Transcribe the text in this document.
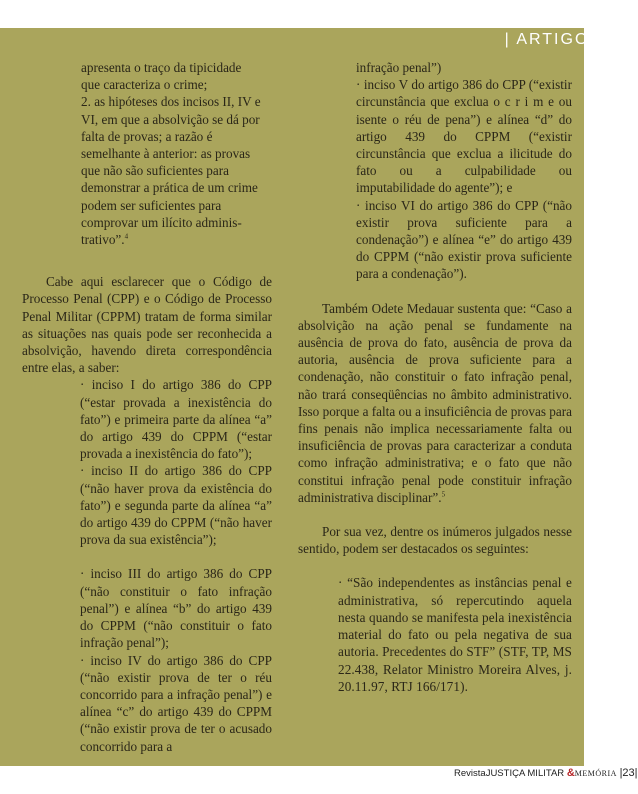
| ARTIGO |

apresenta o traço da tipicidade

que caracteriza o crime;

2. as hipóteses dos incisos II, IV e

VI, em que a absolvição se dá por

falta de provas; a razão é

semelhante à anterior: as provas

que não são suficientes para

demonstrar a prática de um crime

podem ser suficientes para

comprovar um ilícito adminis-

trativo”.$^4$

Cabe aqui esclarecer que o Código de Processo Penal (CPP) e o Código de Processo Penal Militar (CPPM) tratam de forma similar as situações nas quais pode ser reconhecida a absolvição, havendo direta correspondência entre elas, a saber:

· inciso I do artigo 386 do CPP (“estar provada a inexistência do fato”) e primeira parte da alínea “a” do artigo 439 do CPPM (“estar provada a inexistência do fato”);

· inciso II do artigo 386 do CPP (“não haver prova da existência do fato”) e segunda parte da alínea “a” do artigo 439 do CPPM (“não haver prova da sua existência”);

· inciso III do artigo 386 do CPP (“não constituir o fato infração penal”) e alínea “b” do artigo 439 do CPPM (“não constituir o fato infração penal”);

· inciso IV do artigo 386 do CPP (“não existir prova de ter o réu concorrido para a infração penal”) e alínea “c” do artigo 439 do CPPM (“não existir prova de ter o acusado concorrido para a

infração penal”)

· inciso V do artigo 386 do CPP (“existir circunstância que exclua o c r i m e ou isente o réu de pena”) e alínea “d” do artigo 439 do CPPM (“existir circunstância que exclua a ilicitude do fato ou a culpabilidade ou imputabilidade do agente”); e

· inciso VI do artigo 386 do CPP (“não existir prova suficiente para a condenação”) e alínea “e” do artigo 439 do CPPM (“não existir prova suficiente para a condenação”).

Também Odete Medauar sustenta que: “Caso a absolvição na ação penal se fundamente na ausência de prova do fato, ausência de prova da autoria, ausência de prova suficiente para a condenação, não constituir o fato infração penal, não trará conseqüências no âmbito administrativo. Isso porque a falta ou a insuficiência de provas para fins penais não implica necessariamente falta ou insuficiência de provas para caracterizar a conduta como infração administrativa; e o fato que não constitui infração penal pode constituir infração administrativa disciplinar”.$^5$

Por sua vez, dentre os inúmeros julgados nesse sentido, podem ser destacados os seguintes:

· “São independentes as instâncias penal e administrativa, só repercutindo aquela nesta quando se manifesta pela inexistência material do fato ou pela negativa de sua autoria. Precedentes do STF” (STF, TP, MS 22.438, Relator Ministro Moreira Alves, j. 20.11.97, RTJ 166/171).

RevistaJUSTIÇA MILITAR &MEMÓRIA |23|
